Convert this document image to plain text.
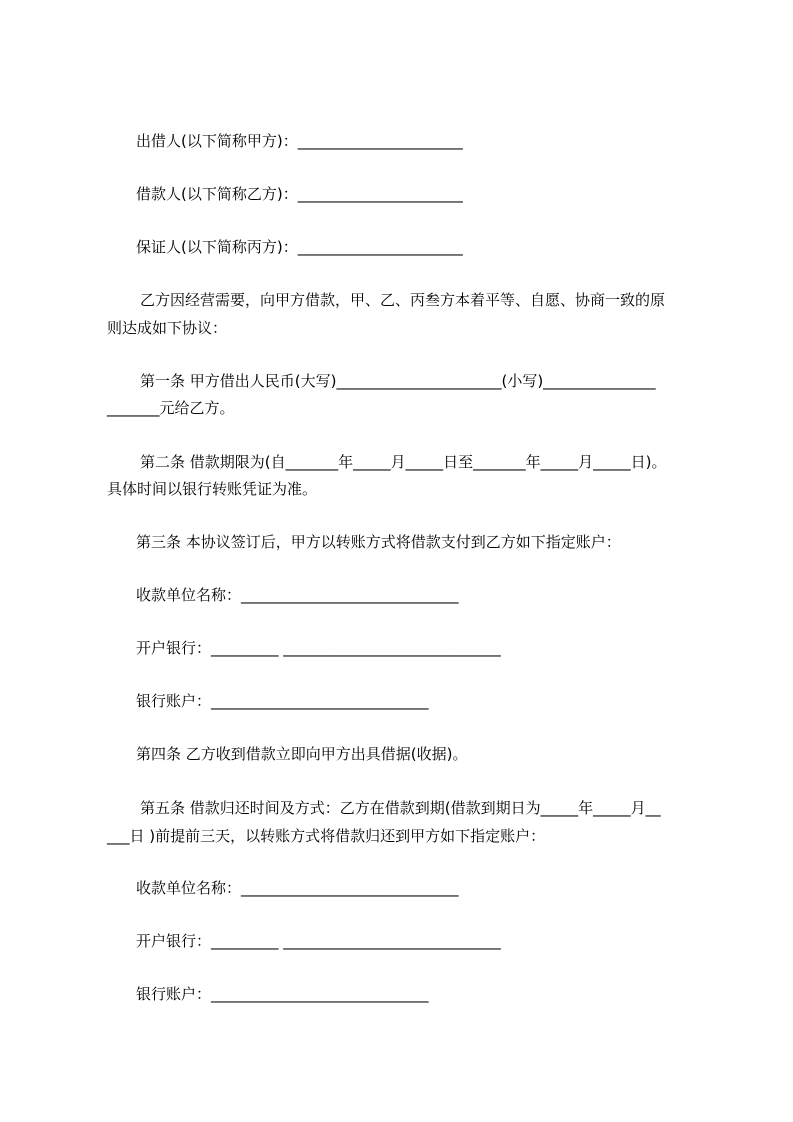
出借人(以下简称甲方)：______________________
借款人(以下简称乙方)：______________________
保证人(以下简称丙方)：______________________
乙方因经营需要，向甲方借款，甲、乙、丙叁方本着平等、自愿、协商一致的原
则达成如下协议：
第一条 甲方借出人民币(大写)______________________(小写)_______________
_______元给乙方。
第二条 借款期限为(自_______年_____月_____日至_______年_____月_____日)。
具体时间以银行转账凭证为准。
第三条 本协议签订后，甲方以转账方式将借款支付到乙方如下指定账户：
收款单位名称：_____________________________
开户银行：_________ _____________________________
银行账户：_____________________________
第四条 乙方收到借款立即向甲方出具借据(收据)。
第五条 借款归还时间及方式：乙方在借款到期(借款到期日为_____年_____月__
___日 )前提前三天，以转账方式将借款归还到甲方如下指定账户：
收款单位名称：_____________________________
开户银行：_________ _____________________________
银行账户：_____________________________
